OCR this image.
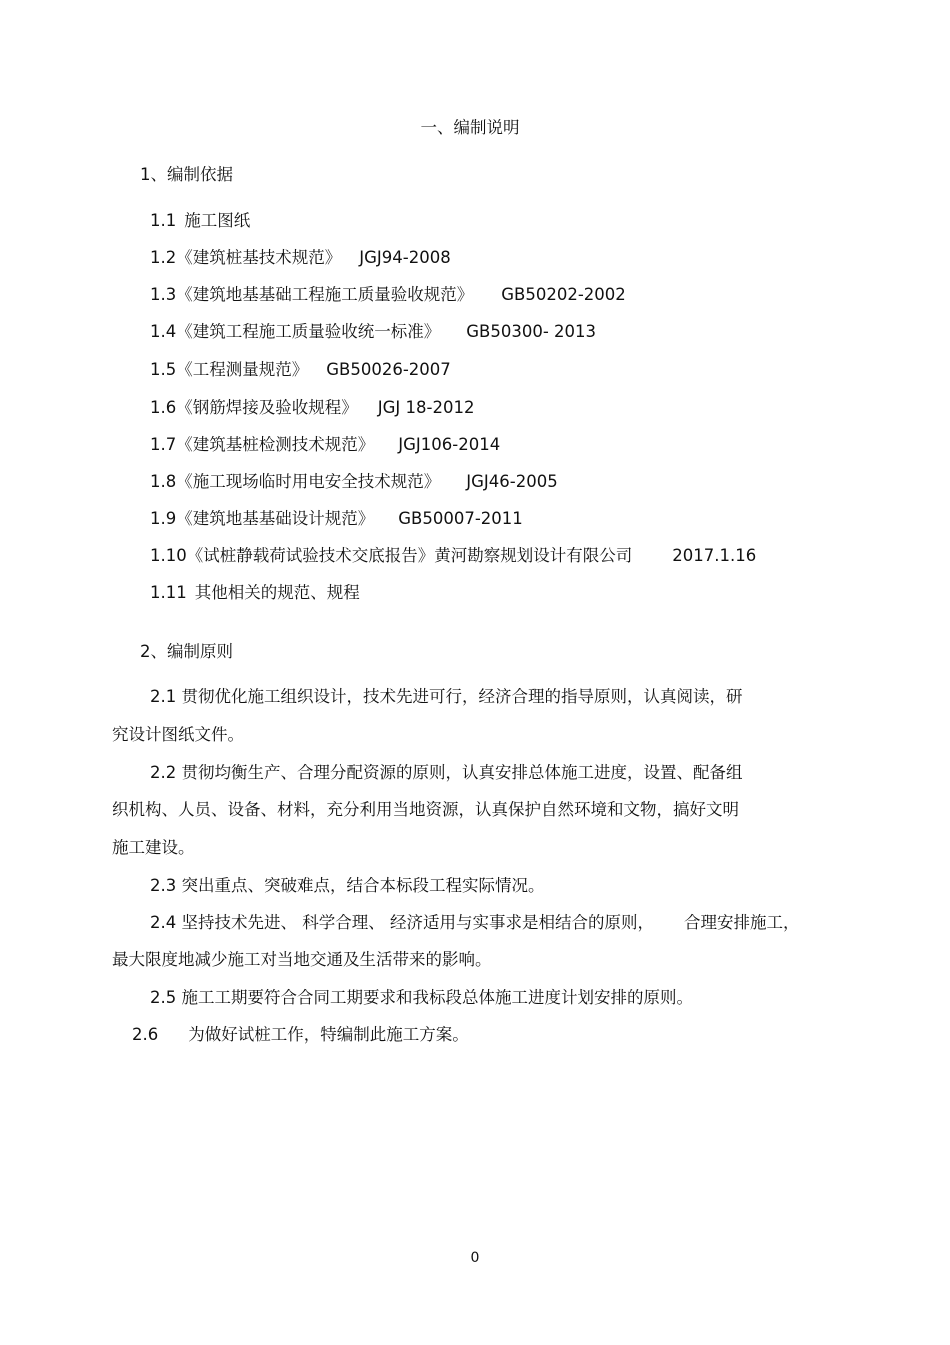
一、编制说明
1、编制依据
1.1 施工图纸
1.2《建筑桩基技术规范》 JGJ94-2008
1.3《建筑地基基础工程施工质量验收规范》 GB50202-2002
1.4《建筑工程施工质量验收统一标准》 GB50300- 2013
1.5《工程测量规范》 GB50026-2007
1.6《钢筋焊接及验收规程》 JGJ 18-2012
1.7《建筑基桩检测技术规范》 JGJ106-2014
1.8《施工现场临时用电安全技术规范》 JGJ46-2005
1.9《建筑地基基础设计规范》 GB50007-2011
1.10《试桩静载荷试验技术交底报告》黄河勘察规划设计有限公司 2017.1.16
1.11 其他相关的规范、规程
2、编制原则
2.1 贯彻优化施工组织设计，技术先进可行，经济合理的指导原则，认真阅读，研
究设计图纸文件。
2.2 贯彻均衡生产、合理分配资源的原则，认真安排总体施工进度，设置、配备组
织机构、人员、设备、材料，充分利用当地资源，认真保护自然环境和文物，搞好文明
施工建设。
2.3 突出重点、突破难点，结合本标段工程实际情况。
2.4 坚持技术先进、 科学合理、 经济适用与实事求是相结合的原则， 合理安排施工，
最大限度地减少施工对当地交通及生活带来的影响。
2.5 施工工期要符合合同工期要求和我标段总体施工进度计划安排的原则。
2.6 为做好试桩工作，特编制此施工方案。
0
